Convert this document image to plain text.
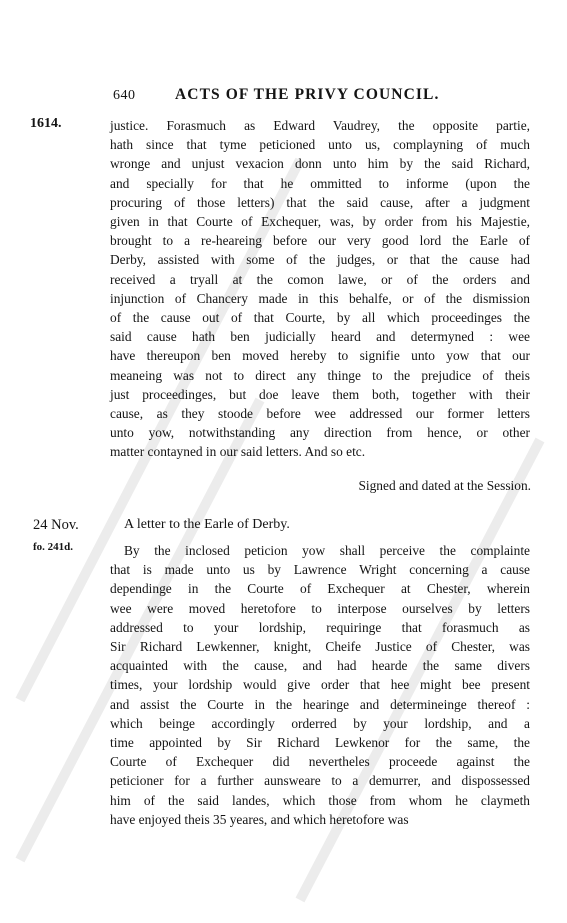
640	ACTS OF THE PRIVY COUNCIL.
1614.	justice. Forasmuch as Edward Vaudrey, the opposite partie,
hath since that tyme peticioned unto us, complayning of much
wronge and unjust vexacion donn unto him by the said Richard,
and specially for that he ommitted to informe (upon the
procuring of those letters) that the said cause, after a judgment
given in that Courte of Exchequer, was, by order from his Majestie,
brought to a re-heareing before our very good lord the Earle of
Derby, assisted with some of the judges, or that the cause had
received a tryall at the comon lawe, or of the orders and
injunction of Chancery made in this behalfe, or of the dismission
of the cause out of that Courte, by all which proceedinges the
said cause hath ben judicially heard and determyned : wee
have thereupon ben moved hereby to signifie unto yow that our
meaneing was not to direct any thinge to the prejudice of theis
just proceedinges, but doe leave them both, together with their
cause, as they stoode before wee addressed our former letters
unto yow, notwithstanding any direction from hence, or other
matter contayned in our said letters. And so etc.
Signed and dated at the Session.
24 Nov.
fo. 241d.
A letter to the Earle of Derby.
By the inclosed peticion yow shall perceive the complainte
that is made unto us by Lawrence Wright concerning a cause
dependinge in the Courte of Exchequer at Chester, wherein
wee were moved heretofore to interpose ourselves by letters
addressed to your lordship, requiringe that forasmuch as
Sir Richard Lewkenner, knight, Cheife Justice of Chester, was
acquainted with the cause, and had hearde the same divers
times, your lordship would give order that hee might bee present
and assist the Courte in the hearinge and determineinge thereof :
which beinge accordingly orderred by your lordship, and a
time appointed by Sir Richard Lewkenor for the same, the
Courte of Exchequer did nevertheles proceede against the
peticioner for a further aunsweare to a demurrer, and dispossessed
him of the said landes, which those from whom he claymeth
have enjoyed theis 35 yeares, and which heretofore was
